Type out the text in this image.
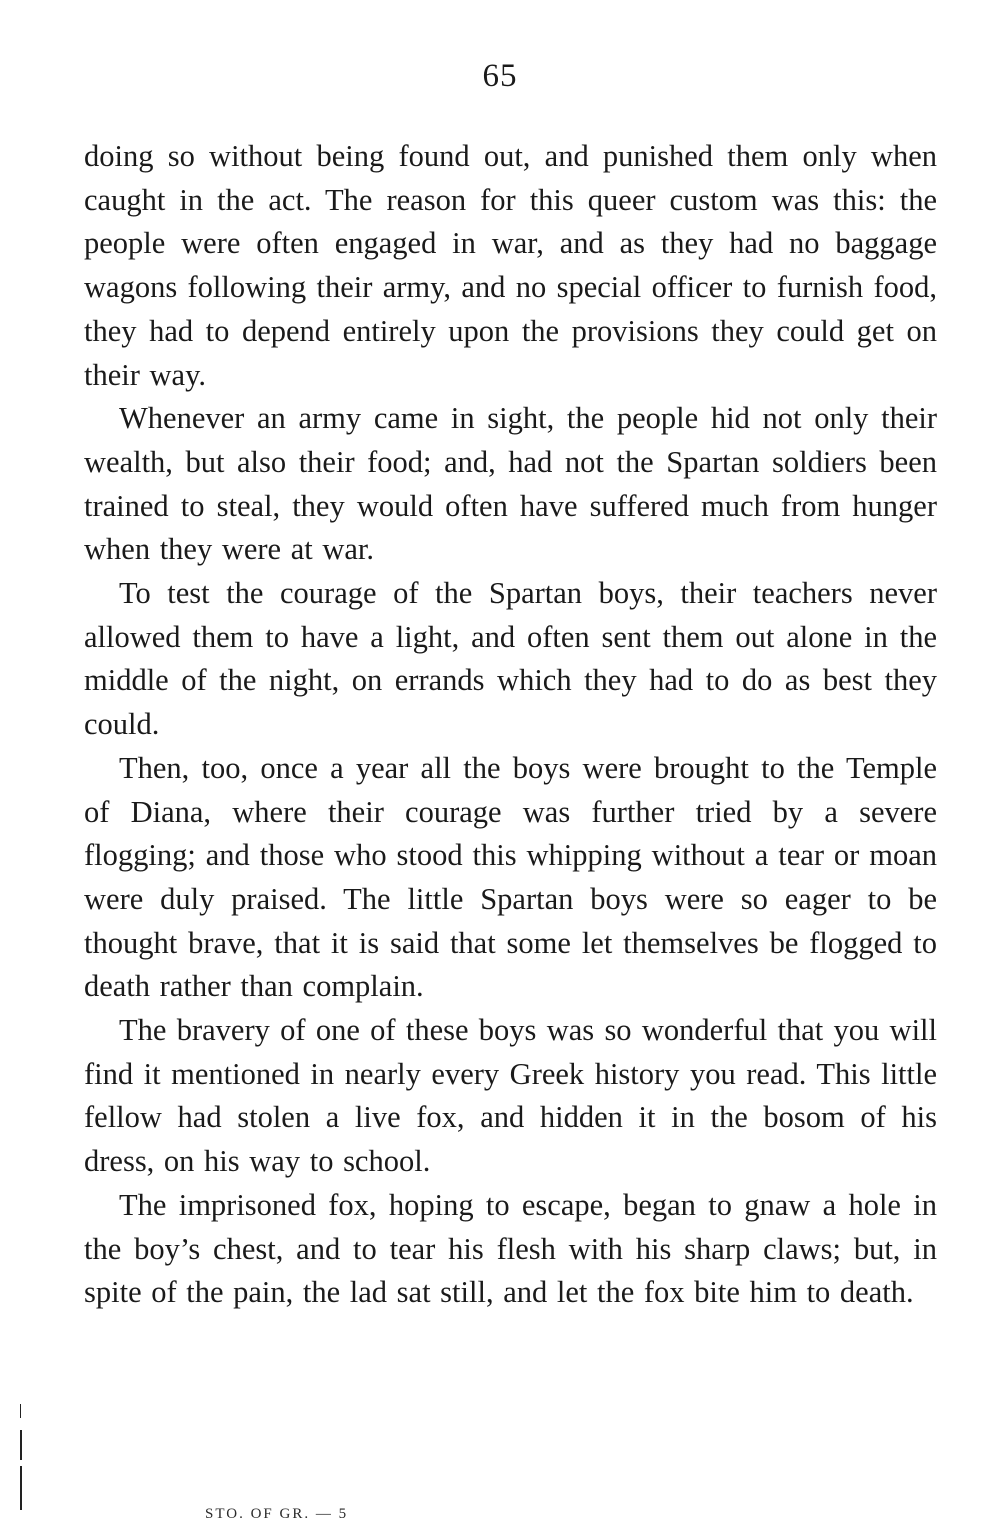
65

doing so without being found out, and punished them only when caught in the act. The reason for this queer custom was this: the people were often engaged in war, and as they had no baggage wagons following their army, and no special officer to furnish food, they had to depend entirely upon the provisions they could get on their way.

Whenever an army came in sight, the people hid not only their wealth, but also their food; and, had not the Spartan soldiers been trained to steal, they would often have suffered much from hunger when they were at war.

To test the courage of the Spartan boys, their teachers never allowed them to have a light, and often sent them out alone in the middle of the night, on errands which they had to do as best they could.

Then, too, once a year all the boys were brought to the Temple of Diana, where their courage was further tried by a severe flogging; and those who stood this whipping without a tear or moan were duly praised. The little Spartan boys were so eager to be thought brave, that it is said that some let themselves be flogged to death rather than complain.

The bravery of one of these boys was so wonderful that you will find it mentioned in nearly every Greek history you read. This little fellow had stolen a live fox, and hidden it in the bosom of his dress, on his way to school.

The imprisoned fox, hoping to escape, began to gnaw a hole in the boy’s chest, and to tear his flesh with his sharp claws; but, in spite of the pain, the lad sat still, and let the fox bite him to death.

STO. OF GR. — 5
